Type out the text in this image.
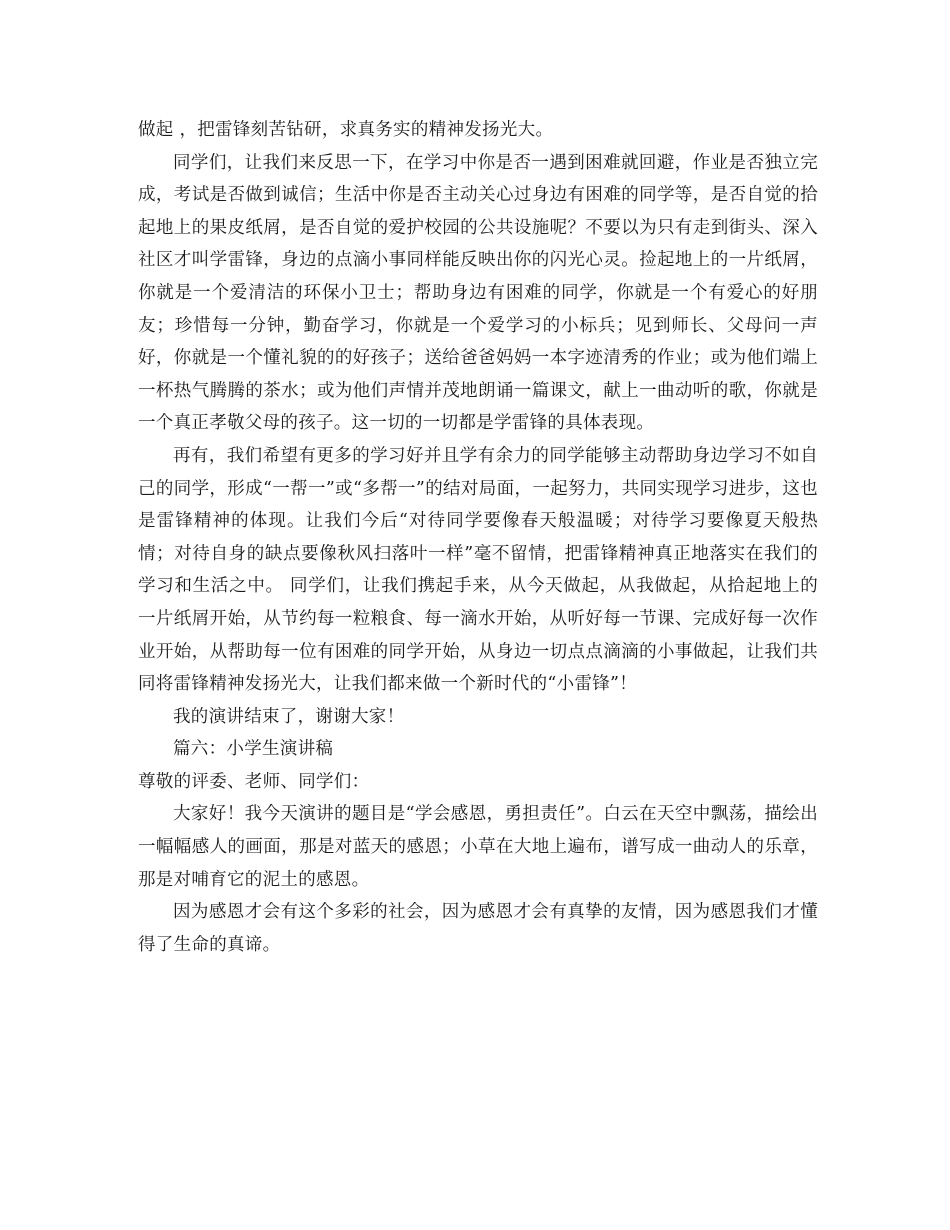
做起 ，把雷锋刻苦钻研，求真务实的精神发扬光大。

同学们，让我们来反思一下，在学习中你是否一遇到困难就回避，作业是否独立完成，考试是否做到诚信；生活中你是否主动关心过身边有困难的同学等，是否自觉的拾起地上的果皮纸屑，是否自觉的爱护校园的公共设施呢？不要以为只有走到街头、深入社区才叫学雷锋，身边的点滴小事同样能反映出你的闪光心灵。捡起地上的一片纸屑，你就是一个爱清洁的环保小卫士；帮助身边有困难的同学，你就是一个有爱心的好朋友；珍惜每一分钟，勤奋学习，你就是一个爱学习的小标兵；见到师长、父母问一声好，你就是一个懂礼貌的的好孩子；送给爸爸妈妈一本字迹清秀的作业；或为他们端上一杯热气腾腾的茶水；或为他们声情并茂地朗诵一篇课文，献上一曲动听的歌，你就是一个真正孝敬父母的孩子。这一切的一切都是学雷锋的具体表现。

再有，我们希望有更多的学习好并且学有余力的同学能够主动帮助身边学习不如自己的同学，形成“一帮一”或“多帮一”的结对局面，一起努力，共同实现学习进步，这也是雷锋精神的体现。让我们今后“对待同学要像春天般温暖；对待学习要像夏天般热情；对待自身的缺点要像秋风扫落叶一样”毫不留情，把雷锋精神真正地落实在我们的学习和生活之中。 同学们，让我们携起手来，从今天做起，从我做起，从拾起地上的一片纸屑开始，从节约每一粒粮食、每一滴水开始，从听好每一节课、完成好每一次作业开始，从帮助每一位有困难的同学开始，从身边一切点点滴滴的小事做起，让我们共同将雷锋精神发扬光大，让我们都来做一个新时代的“小雷锋”！

我的演讲结束了，谢谢大家！

篇六：小学生演讲稿

尊敬的评委、老师、同学们：

大家好！我今天演讲的题目是“学会感恩，勇担责任”。白云在天空中飘荡，描绘出一幅幅感人的画面，那是对蓝天的感恩；小草在大地上遍布，谱写成一曲动人的乐章，那是对哺育它的泥土的感恩。

因为感恩才会有这个多彩的社会，因为感恩才会有真挚的友情，因为感恩我们才懂得了生命的真谛。
